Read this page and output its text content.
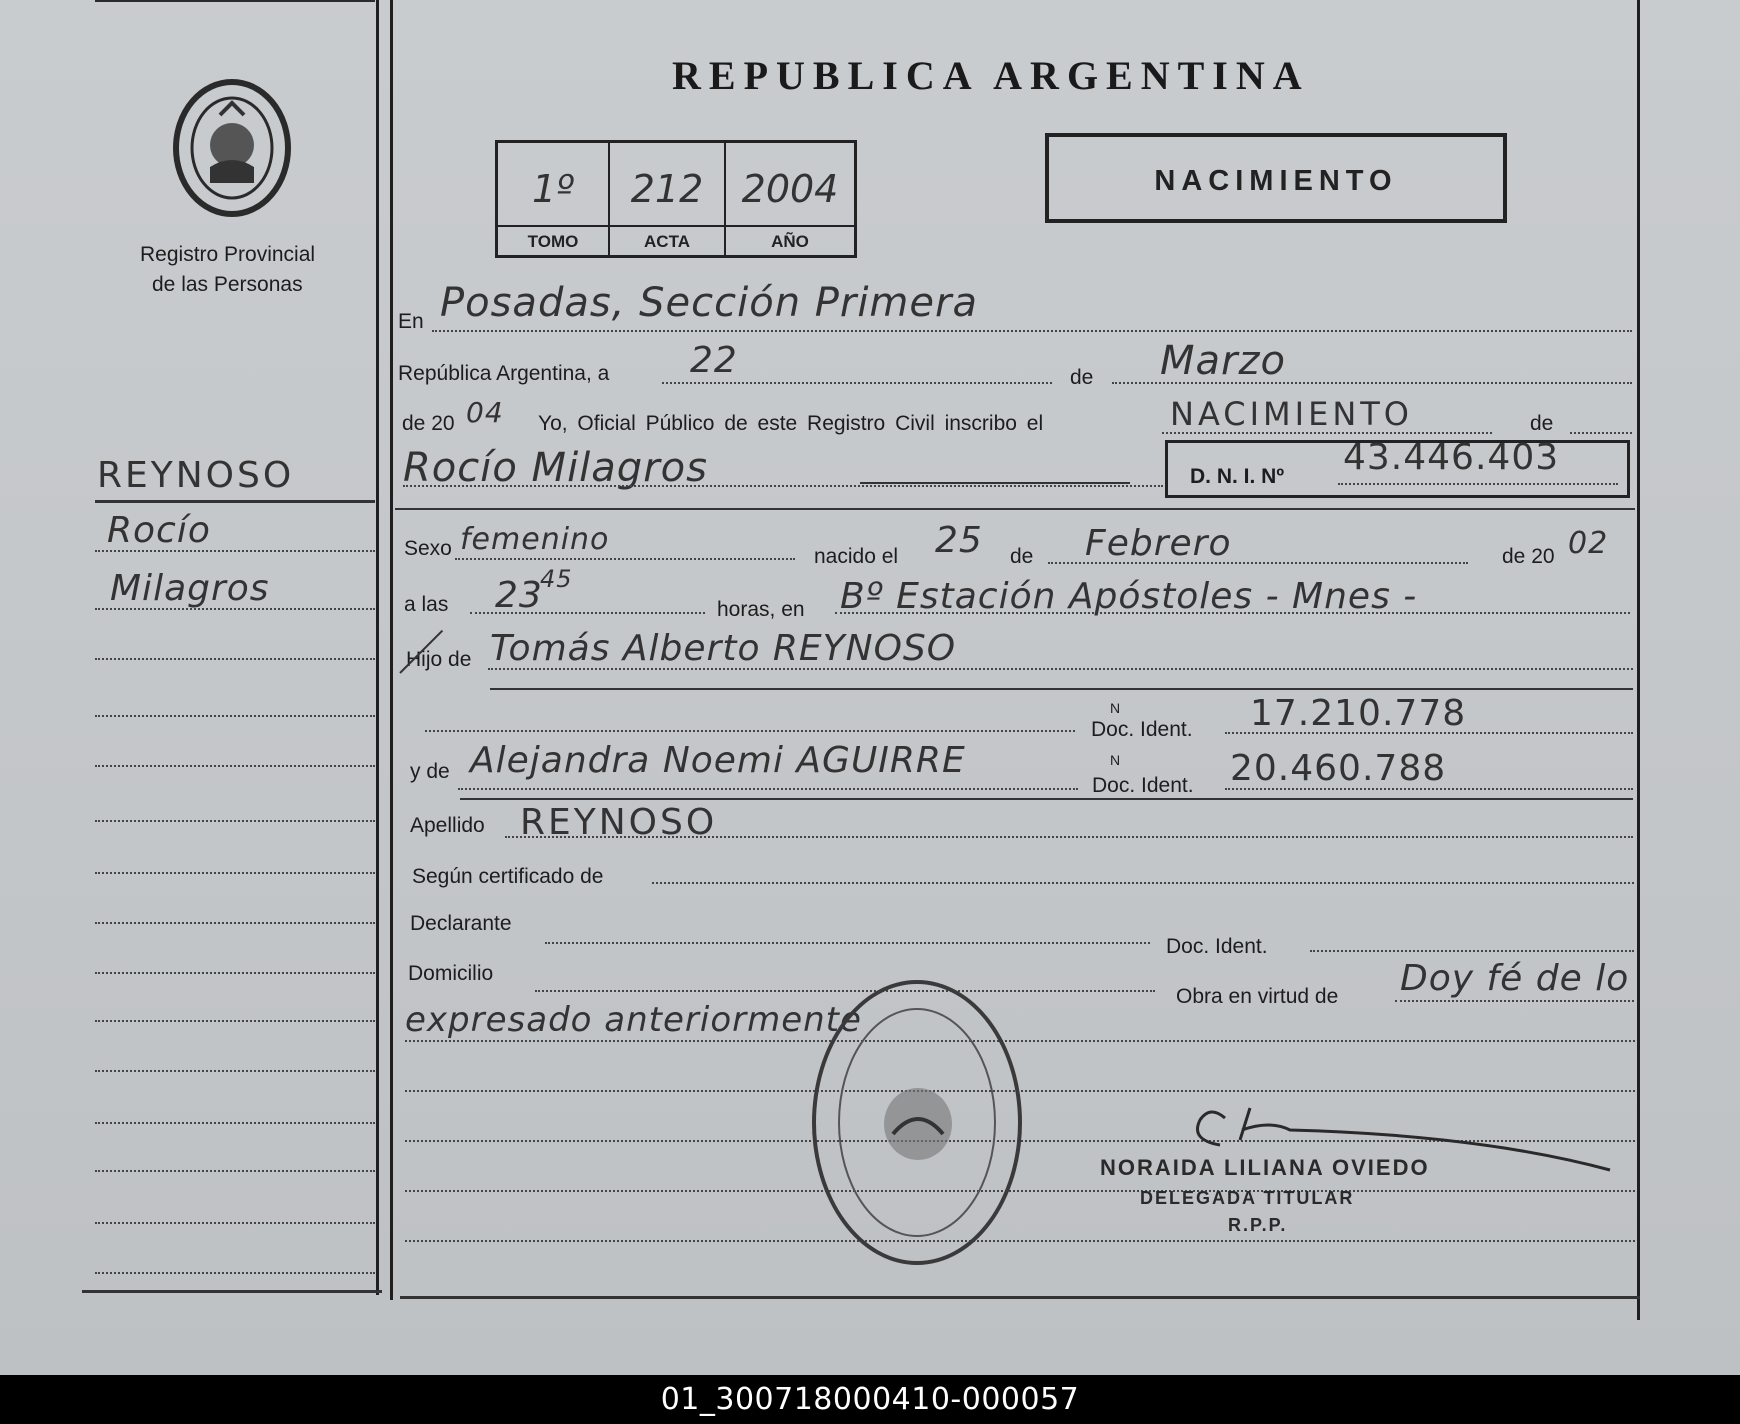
Registro Provincial
de las Personas
REYNOSO
Rocío
Milagros
REPUBLICA ARGENTINA
1º	212	2004
TOMO	ACTA	AÑO
NACIMIENTO
En Posadas, Sección Primera
República Argentina, a 22	de Marzo
de 20 04 Yo, Oficial Público de este Registro Civil inscribo el	NACIMIENTO	de
Rocío Milagros	D. N. I. Nº 43.446.403
Sexo femenino	nacido el 25 de Febrero	de 20 02
a las 23
45
horas, en Bº Estación Apóstoles - Mnes -
Hijo de Tomás Alberto REYNOSO
N
Doc. Ident. 17.210.778
y de Alejandra Noemi AGUIRRE	N
Doc. Ident. 20.460.788
Apellido REYNOSO
Según certificado de
Declarante
Doc. Ident.
Domicilio
Obra en virtud de Doy fé de lo
expresado anteriormente
NORAIDA LILIANA OVIEDO
DELEGADA TITULAR
R.P.P.
01_300718000410-000057
